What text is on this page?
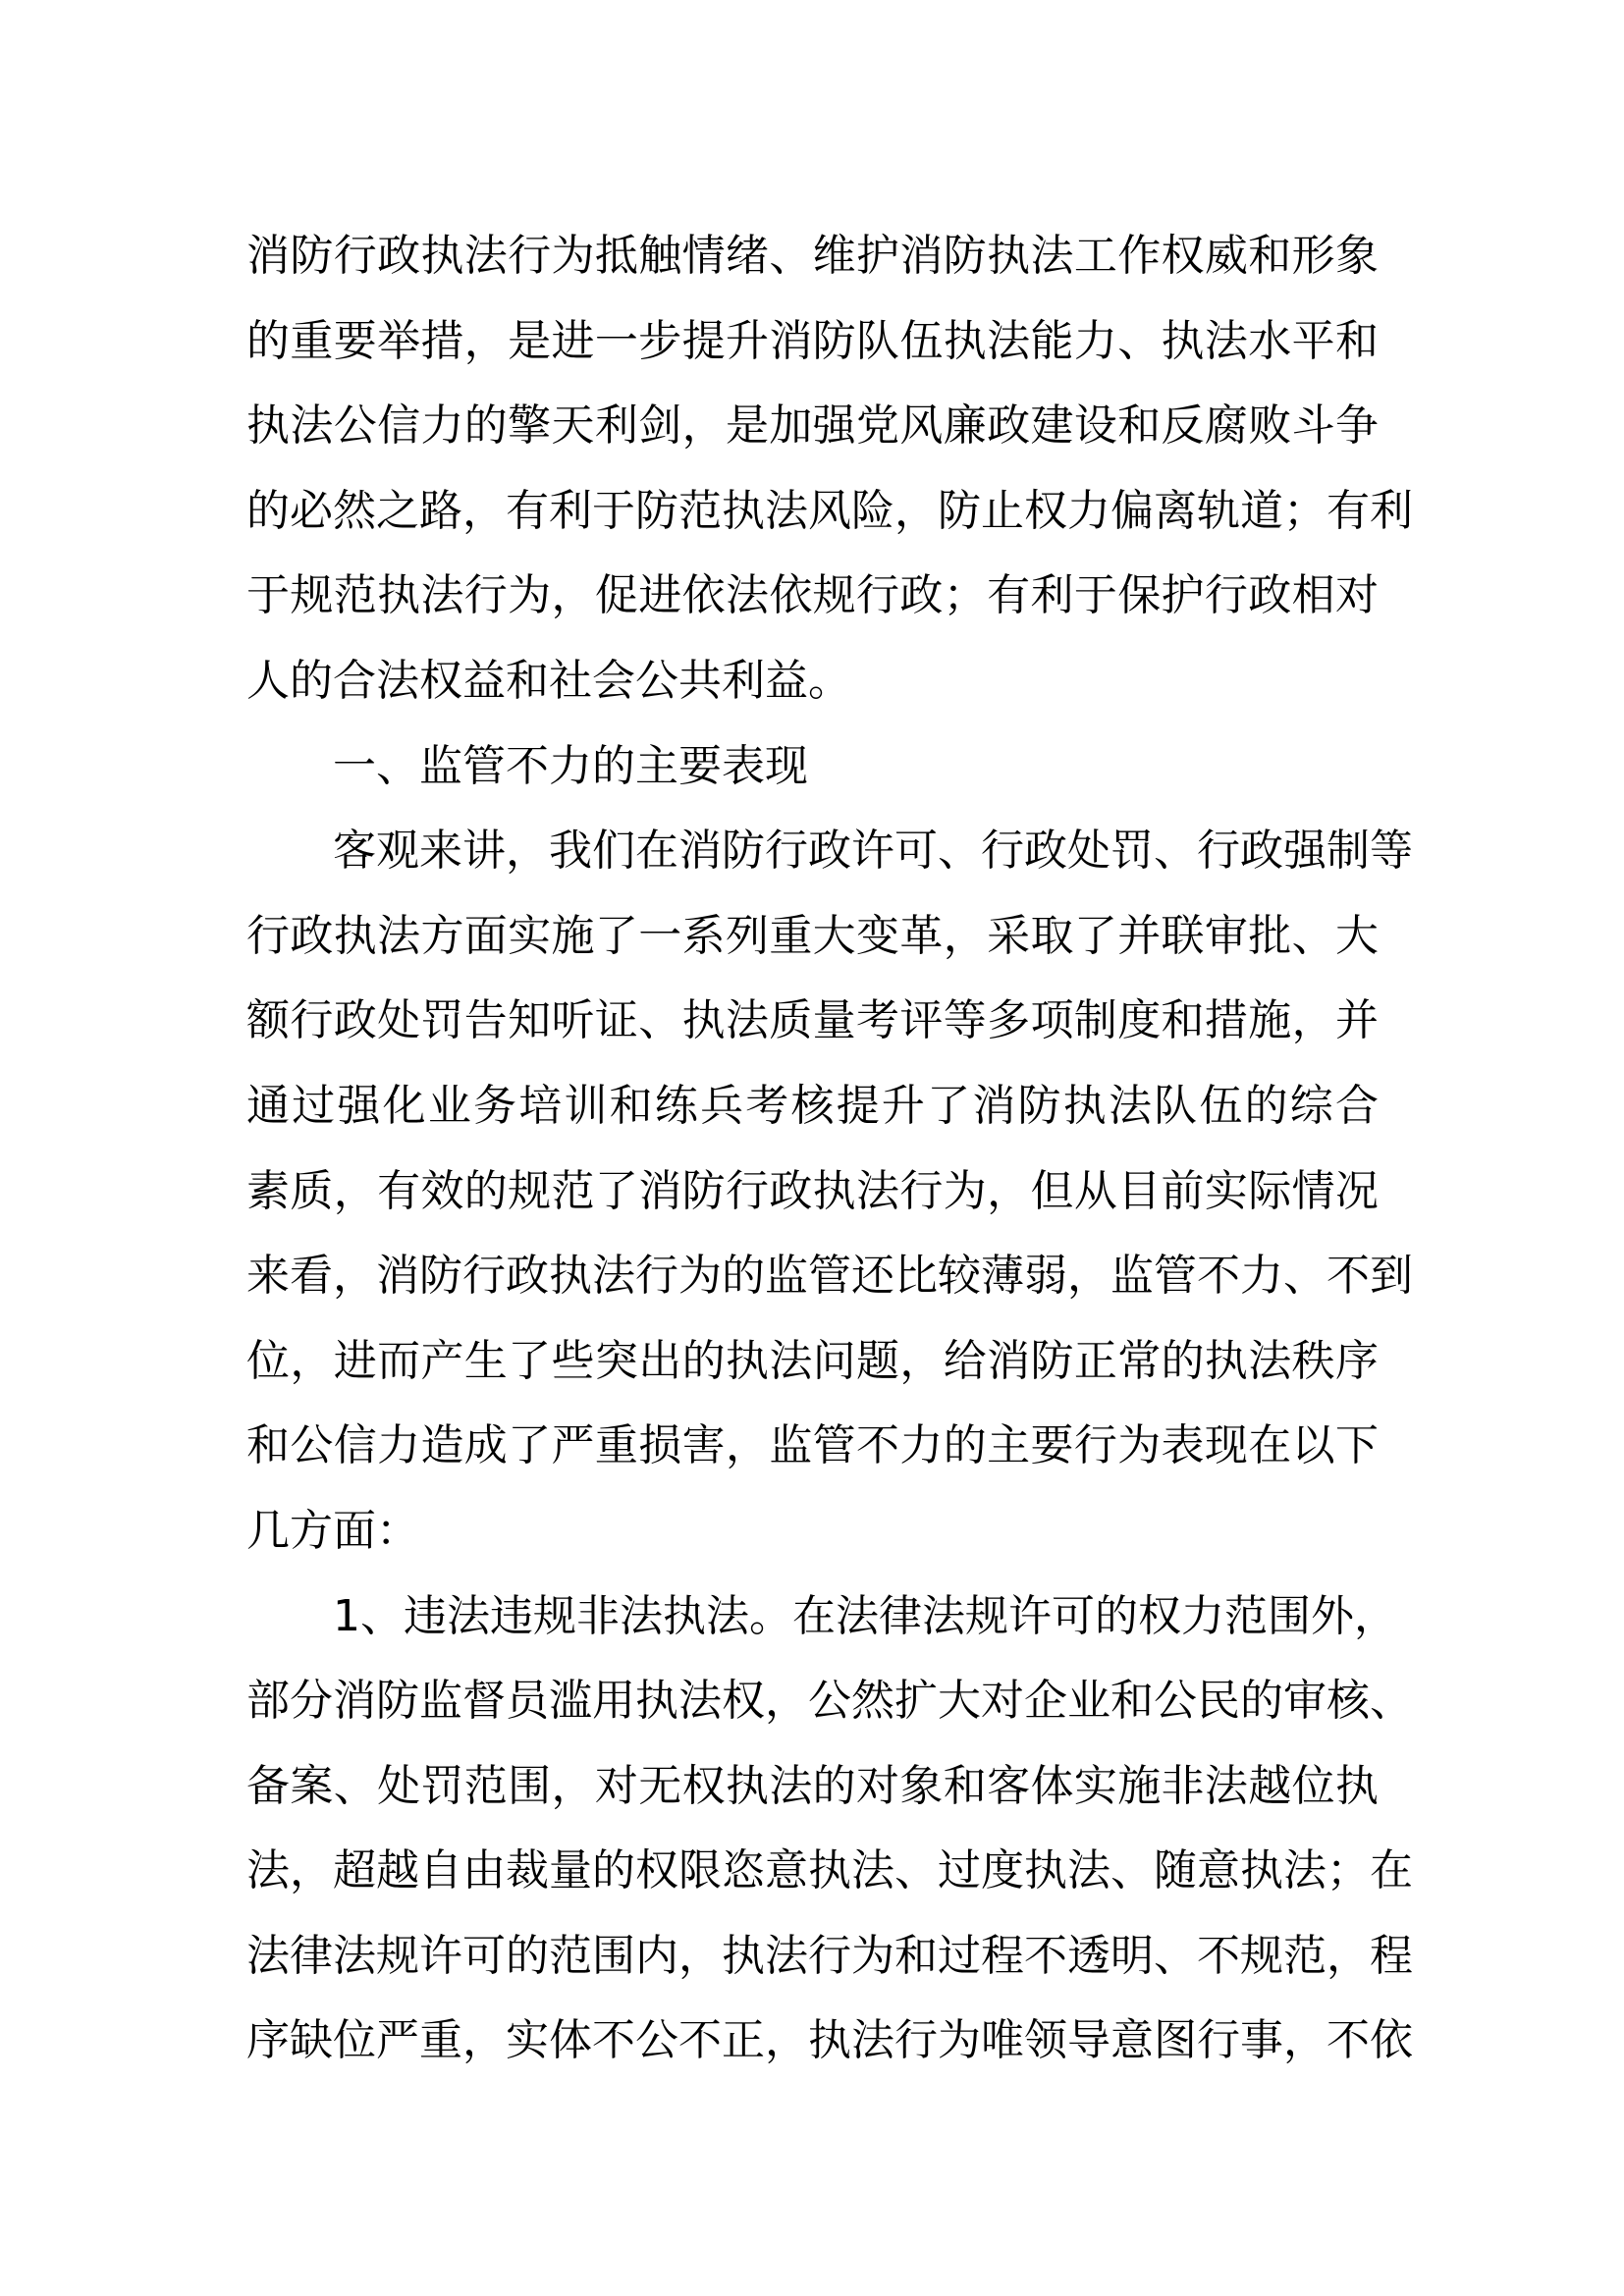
消防行政执法行为抵触情绪、维护消防执法工作权威和形象
的重要举措，是进一步提升消防队伍执法能力、执法水平和
执法公信力的擎天利剑，是加强党风廉政建设和反腐败斗争
的必然之路，有利于防范执法风险，防止权力偏离轨道；有利
于规范执法行为，促进依法依规行政；有利于保护行政相对
人的合法权益和社会公共利益。
一、监管不力的主要表现
客观来讲，我们在消防行政许可、行政处罚、行政强制等
行政执法方面实施了一系列重大变革，采取了并联审批、大
额行政处罚告知听证、执法质量考评等多项制度和措施，并
通过强化业务培训和练兵考核提升了消防执法队伍的综合
素质，有效的规范了消防行政执法行为，但从目前实际情况
来看，消防行政执法行为的监管还比较薄弱，监管不力、不到
位，进而产生了些突出的执法问题，给消防正常的执法秩序
和公信力造成了严重损害，监管不力的主要行为表现在以下
几方面：
1、违法违规非法执法。在法律法规许可的权力范围外，
部分消防监督员滥用执法权，公然扩大对企业和公民的审核、
备案、处罚范围，对无权执法的对象和客体实施非法越位执
法，超越自由裁量的权限恣意执法、过度执法、随意执法；在
法律法规许可的范围内，执法行为和过程不透明、不规范，程
序缺位严重，实体不公不正，执法行为唯领导意图行事，不依
